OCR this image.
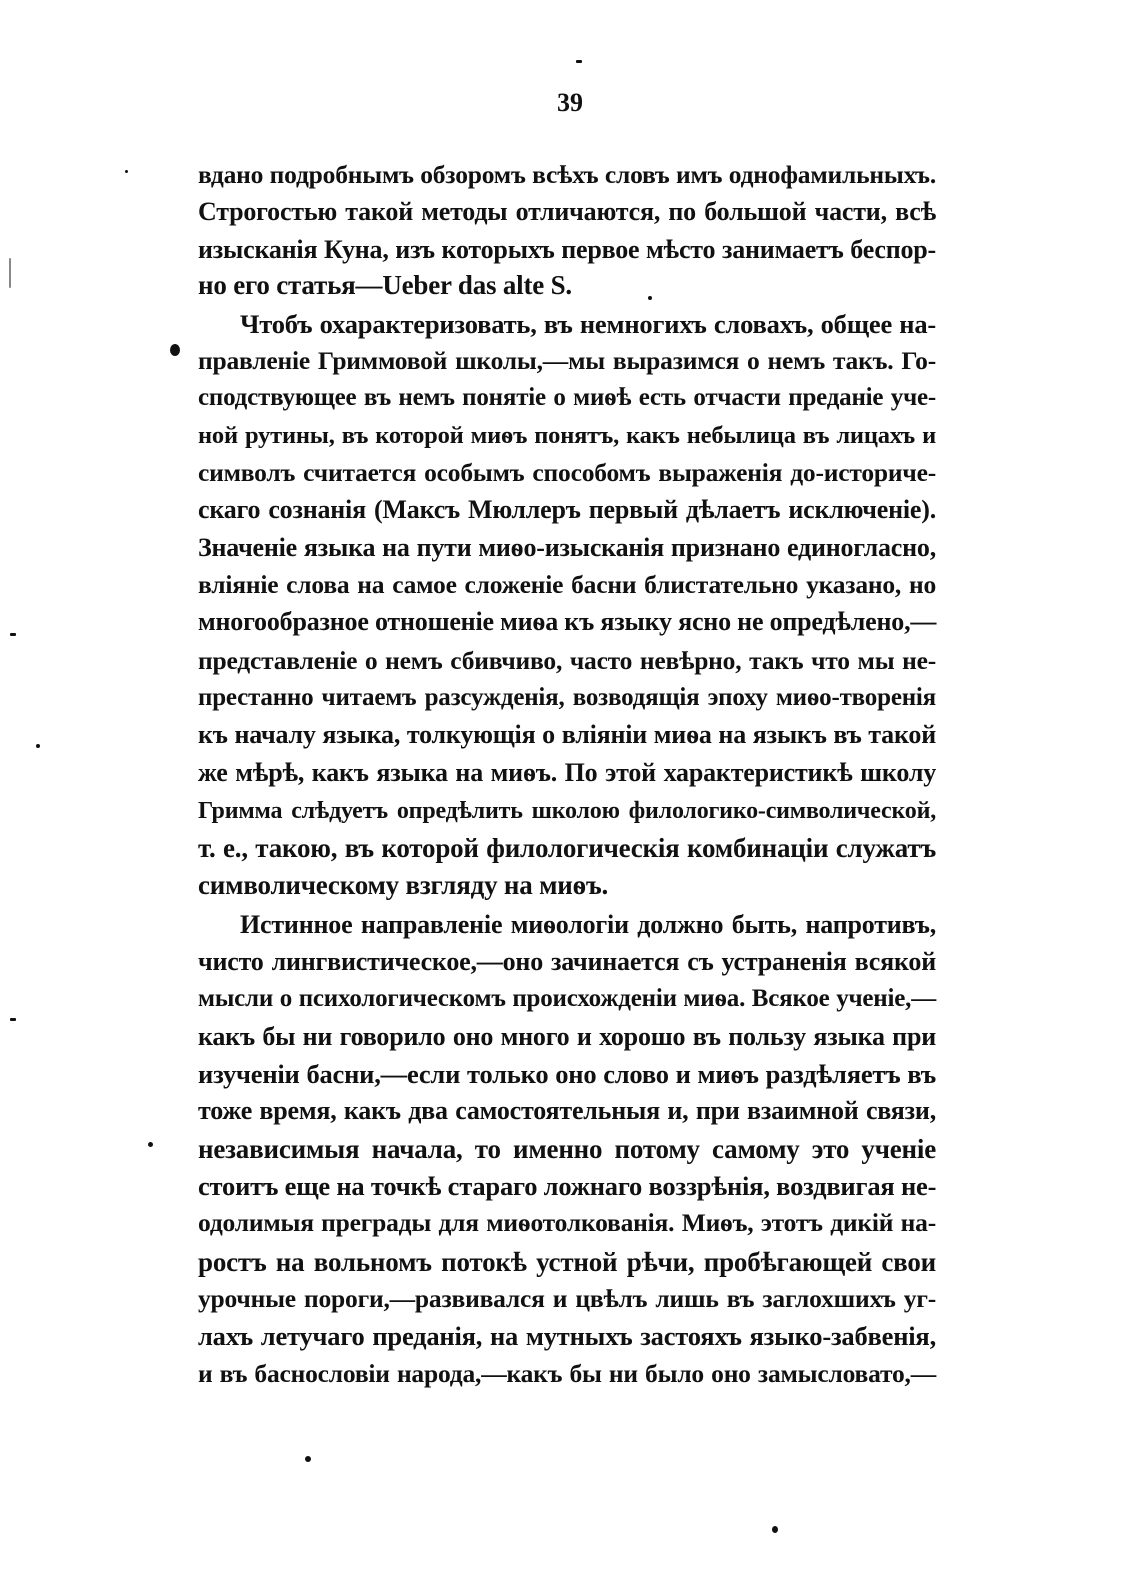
39
вдано подробнымъ обзоромъ всѣхъ словъ имъ однофамильныхъ.
Строгостью такой методы отличаются, по большой части, всѣ
изысканія Куна, изъ которыхъ первое мѣсто занимаетъ беспор-
но его статья—Ueber das alte S.
Чтобъ охарактеризовать, въ немногихъ словахъ, общее на-
правленіе Гриммовой школы,—мы выразимся о немъ такъ. Го-
сподствующее въ немъ понятіе о миѳѣ есть отчасти преданіе уче-
ной рутины, въ которой миѳъ понятъ, какъ небылица въ лицахъ и
символъ считается особымъ способомъ выраженія до-историче-
скаго сознанія (Максъ Мюллеръ первый дѣлаетъ исключеніе).
Значеніе языка на пути миѳо-изысканія признано единогласно,
вліяніе слова на самое сложеніе басни блистательно указано, но
многообразное отношеніе миѳа къ языку ясно не опредѣлено,—
представленіе о немъ сбивчиво, часто невѣрно, такъ что мы не-
престанно читаемъ разсужденія, возводящія эпоху миѳо-творенія
къ началу языка, толкующія о вліяніи миѳа на языкъ въ такой
же мѣрѣ, какъ языка на миѳъ. По этой характеристикѣ школу
Гримма слѣдуетъ опредѣлить школою филологико-символической,
т. е., такою, въ которой филологическія комбинаціи служатъ
символическому взгляду на миѳъ.
Истинное направленіе миѳологіи должно быть, напротивъ,
чисто лингвистическое,—оно зачинается съ устраненія всякой
мысли о психологическомъ происхожденіи миѳа. Всякое ученіе,—
какъ бы ни говорило оно много и хорошо въ пользу языка при
изученіи басни,—если только оно слово и миѳъ раздѣляетъ въ
тоже время, какъ два самостоятельныя и, при взаимной связи,
независимыя начала, то именно потому самому это ученіе
стоитъ еще на точкѣ стараго ложнаго воззрѣнія, воздвигая не-
одолимыя преграды для миѳотолкованія. Миѳъ, этотъ дикій на-
ростъ на вольномъ потокѣ устной рѣчи, пробѣгающей свои
урочные пороги,—развивался и цвѣлъ лишь въ заглохшихъ уг-
лахъ летучаго преданія, на мутныхъ застояхъ языко-забвенія,
и въ баснословіи народа,—какъ бы ни было оно замысловато,—
